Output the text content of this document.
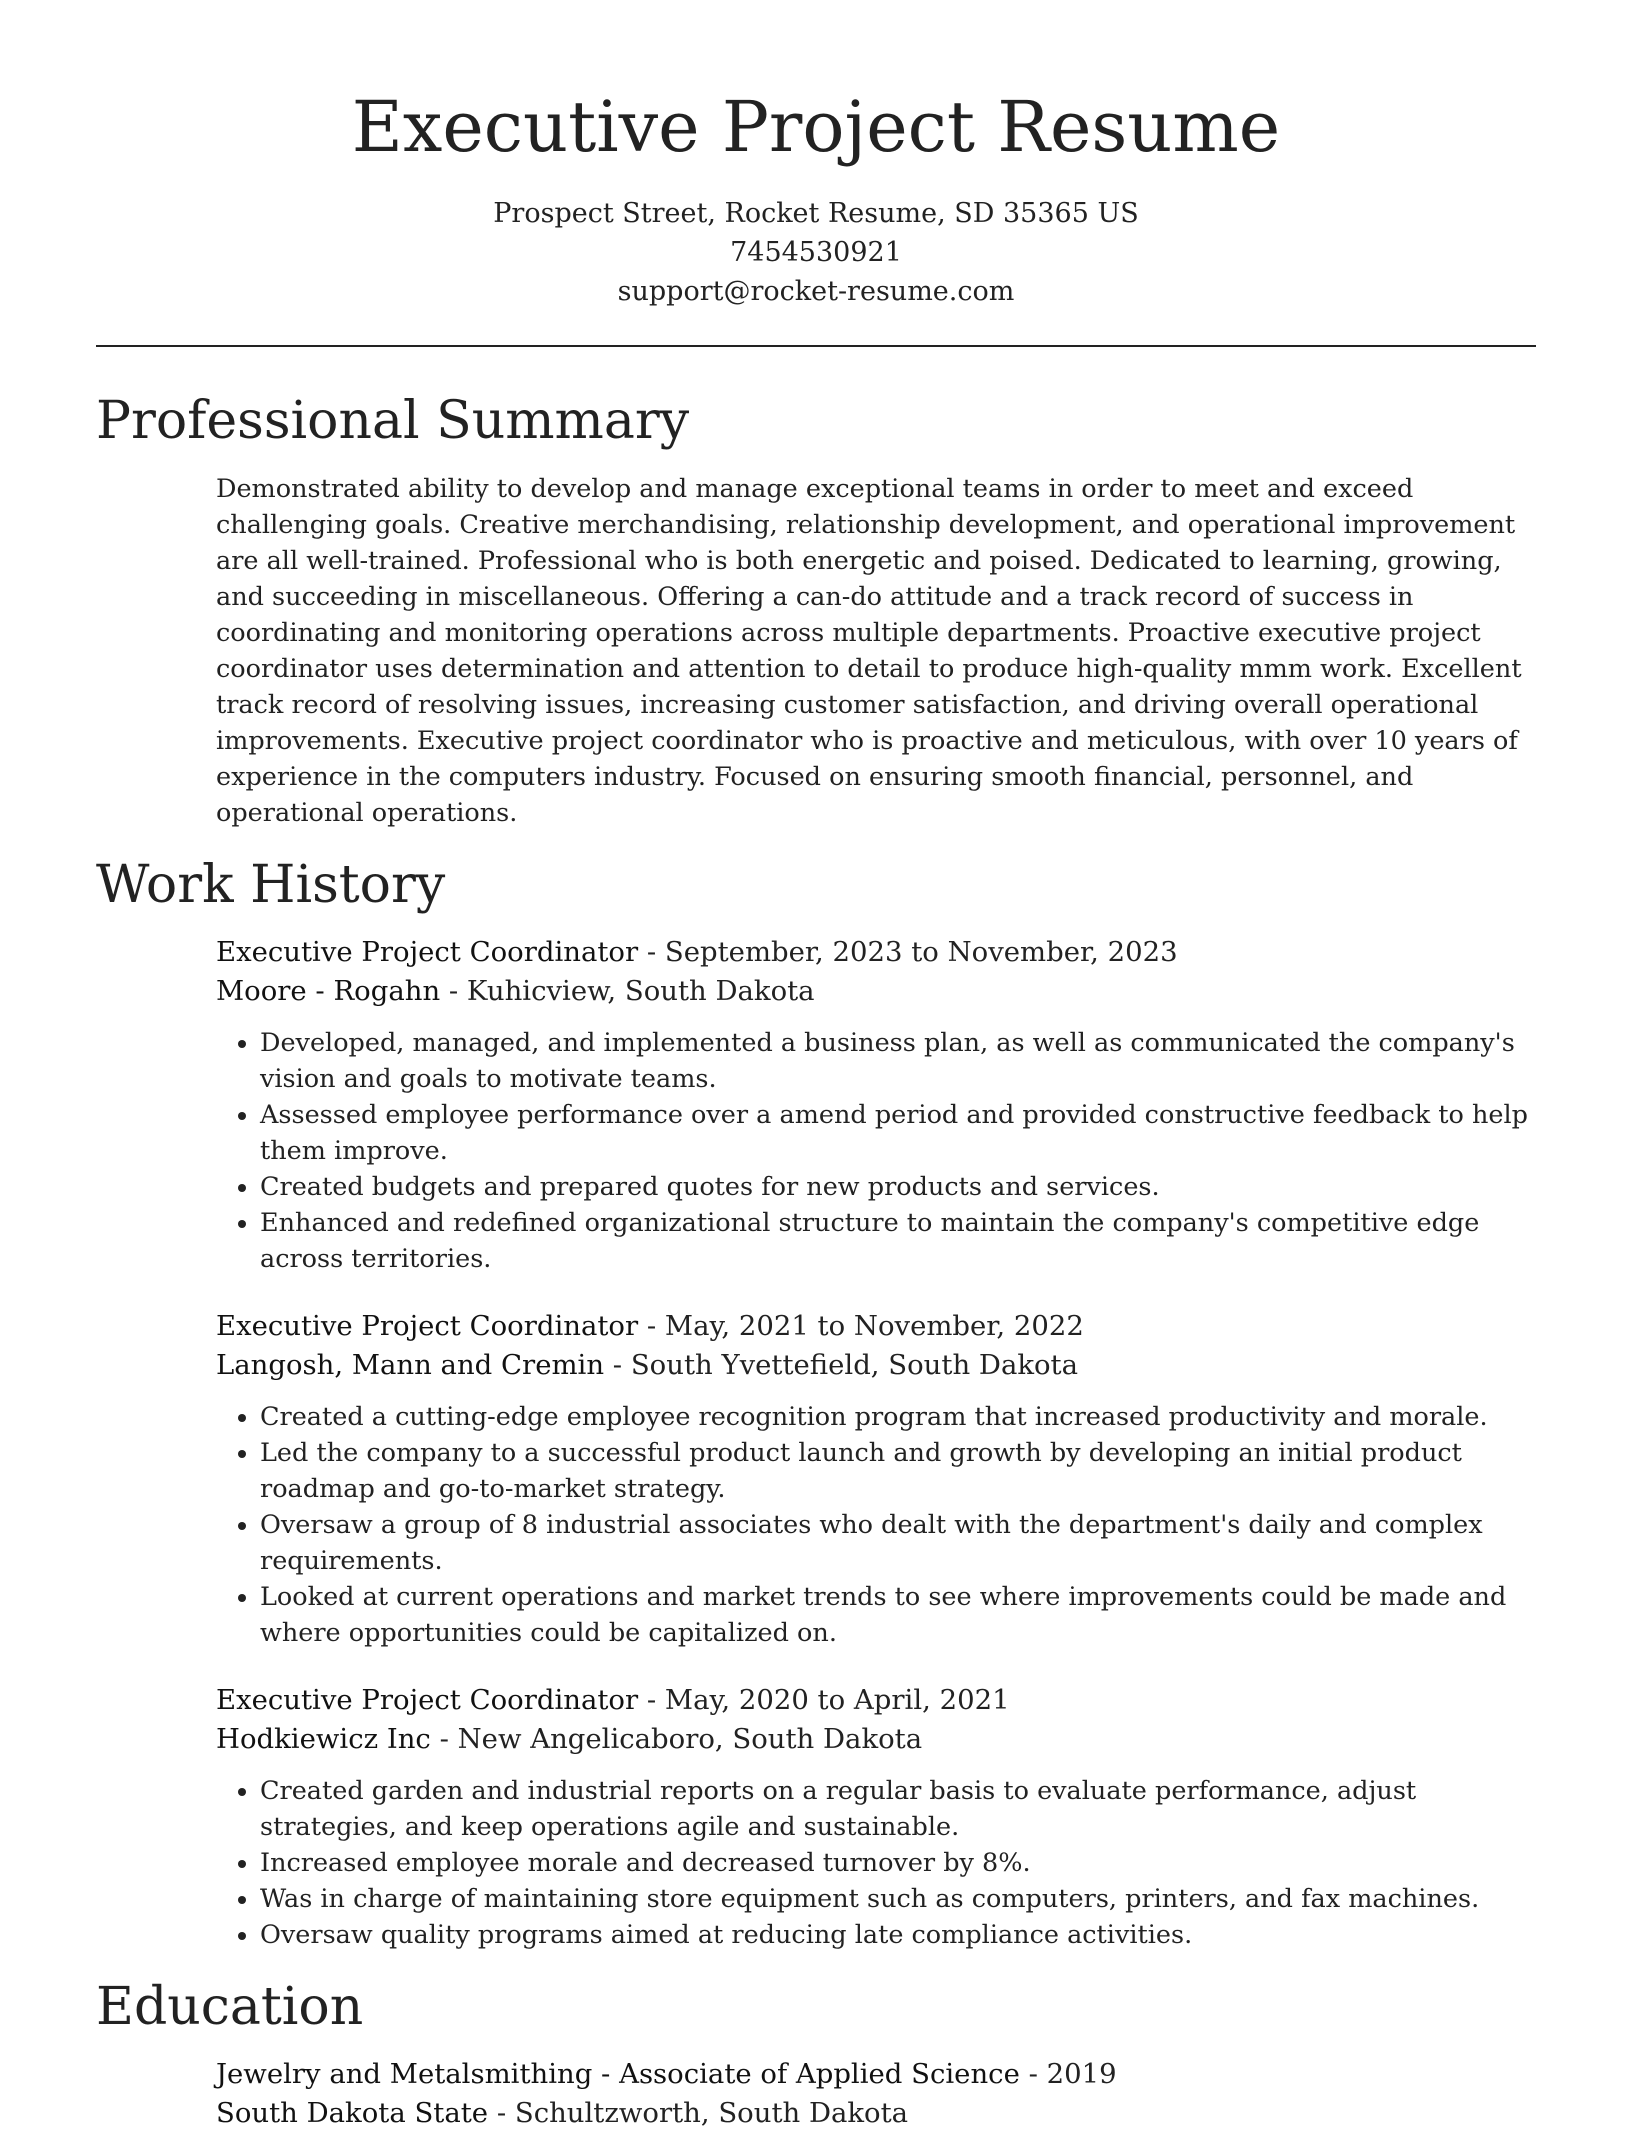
Executive Project Resume

Prospect Street, Rocket Resume, SD 35365 US

7454530921

support@rocket-resume.com

Professional Summary

Demonstrated ability to develop and manage exceptional teams in order to meet and exceed challenging goals. Creative merchandising, relationship development, and operational improvement are all well-trained. Professional who is both energetic and poised. Dedicated to learning, growing, and succeeding in miscellaneous. Offering a can-do attitude and a track record of success in coordinating and monitoring operations across multiple departments. Proactive executive project coordinator uses determination and attention to detail to produce high-quality mmm work. Excellent track record of resolving issues, increasing customer satisfaction, and driving overall operational improvements. Executive project coordinator who is proactive and meticulous, with over 10 years of experience in the computers industry. Focused on ensuring smooth financial, personnel, and operational operations.

Work History

Executive Project Coordinator - September, 2023 to November, 2023

Moore - Rogahn - Kuhicview, South Dakota

• Developed, managed, and implemented a business plan, as well as communicated the company's vision and goals to motivate teams.
• Assessed employee performance over a amend period and provided constructive feedback to help them improve.
• Created budgets and prepared quotes for new products and services.
• Enhanced and redefined organizational structure to maintain the company's competitive edge across territories.

Executive Project Coordinator - May, 2021 to November, 2022

Langosh, Mann and Cremin - South Yvettefield, South Dakota

• Created a cutting-edge employee recognition program that increased productivity and morale.
• Led the company to a successful product launch and growth by developing an initial product roadmap and go-to-market strategy.
• Oversaw a group of 8 industrial associates who dealt with the department's daily and complex requirements.
• Looked at current operations and market trends to see where improvements could be made and where opportunities could be capitalized on.

Executive Project Coordinator - May, 2020 to April, 2021

Hodkiewicz Inc - New Angelicaboro, South Dakota

• Created garden and industrial reports on a regular basis to evaluate performance, adjust strategies, and keep operations agile and sustainable.
• Increased employee morale and decreased turnover by 8%.
• Was in charge of maintaining store equipment such as computers, printers, and fax machines.
• Oversaw quality programs aimed at reducing late compliance activities.
Education

Jewelry and Metalsmithing - Associate of Applied Science - 2019

South Dakota State - Schultzworth, South Dakota
